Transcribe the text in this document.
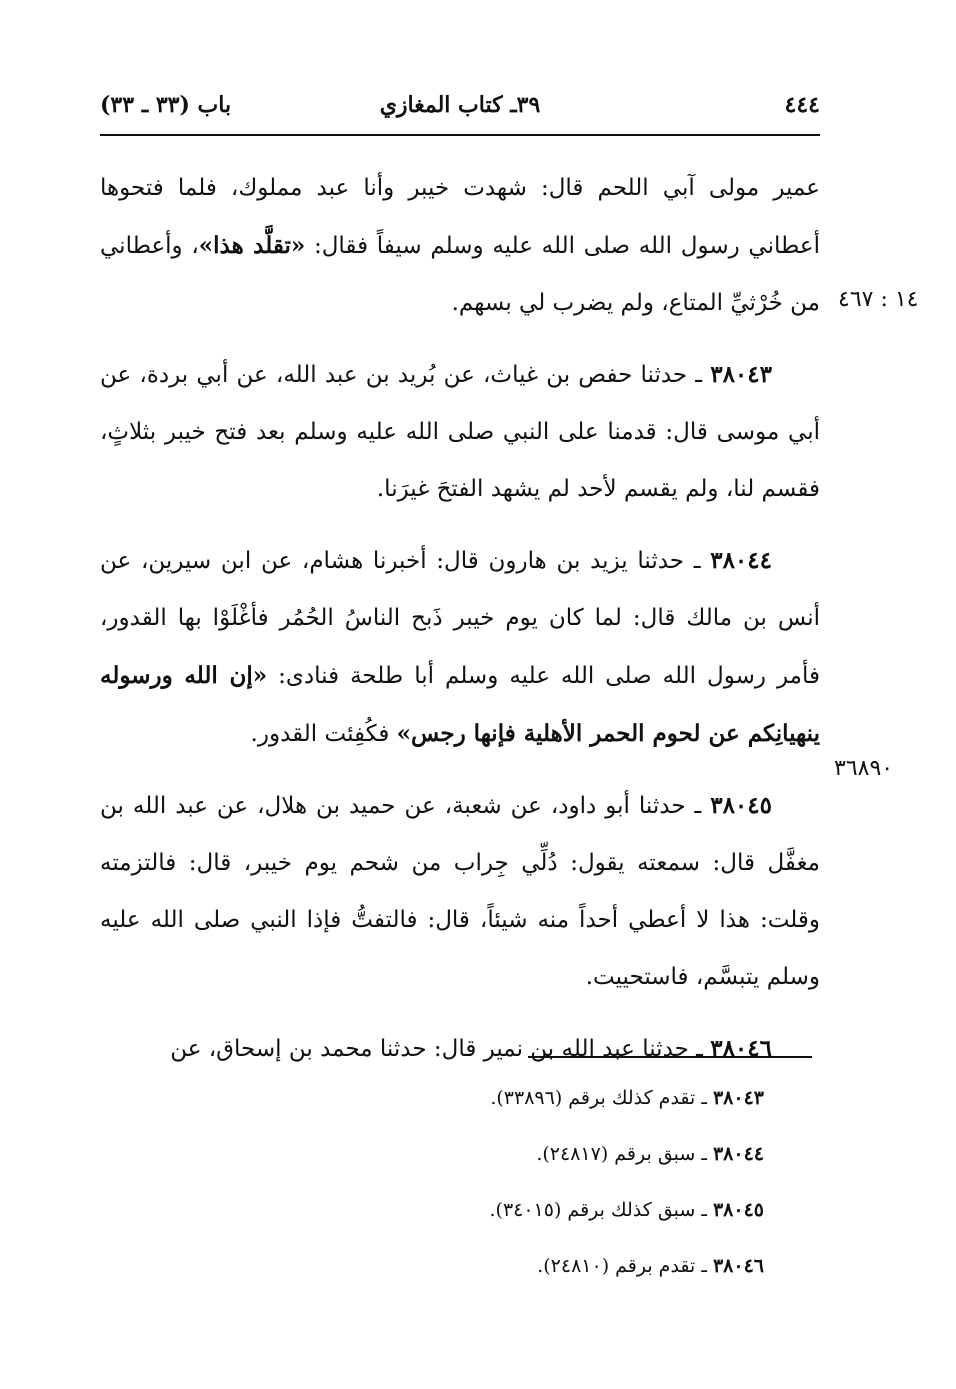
٤٤٤
٣٩ـ كتاب المغازي
باب (٣٣ ـ ٣٣)
١٤ : ٤٦٧
٣٦٨٩٠

عمير مولى آبي اللحم قال: شهدت خيبر وأنا عبد مملوك، فلما فتحوها أعطاني رسول الله صلى الله عليه وسلم سيفاً فقال: «تقلَّد هذا»، وأعطاني من خُرْثيِّ المتاع، ولم يضرب لي بسهم.

٣٨٠٤٣ ـ حدثنا حفص بن غياث، عن بُريد بن عبد الله، عن أبي بردة، عن أبي موسى قال: قدمنا على النبي صلى الله عليه وسلم بعد فتح خيبر بثلاثٍ، فقسم لنا، ولم يقسم لأحد لم يشهد الفتحَ غيرَنا.

٣٨٠٤٤ ـ حدثنا يزيد بن هارون قال: أخبرنا هشام، عن ابن سيرين، عن أنس بن مالك قال: لما كان يوم خيبر ذَبح الناسُ الحُمُر فأغْلَوْا بها القدور، فأمر رسول الله صلى الله عليه وسلم أبا طلحة فنادى: «إن الله ورسوله ينهيانِكم عن لحوم الحمر الأهلية فإنها رجس» فكُفِئت القدور.

٣٨٠٤٥ ـ حدثنا أبو داود، عن شعبة، عن حميد بن هلال، عن عبد الله بن مغفَّل قال: سمعته يقول: دُلِّي جِراب من شحم يوم خيبر، قال: فالتزمته وقلت: هذا لا أعطي أحداً منه شيئاً، قال: فالتفتُّ فإذا النبي صلى الله عليه وسلم يتبسَّم، فاستحييت.

٣٨٠٤٦ ـ حدثنا عبد الله بن نمير قال: حدثنا محمد بن إسحاق، عن

٣٨٠٤٣ ـ تقدم كذلك برقم (٣٣٨٩٦).

٣٨٠٤٤ ـ سبق برقم (٢٤٨١٧).

٣٨٠٤٥ ـ سبق كذلك برقم (٣٤٠١٥).

٣٨٠٤٦ ـ تقدم برقم (٢٤٨١٠).
